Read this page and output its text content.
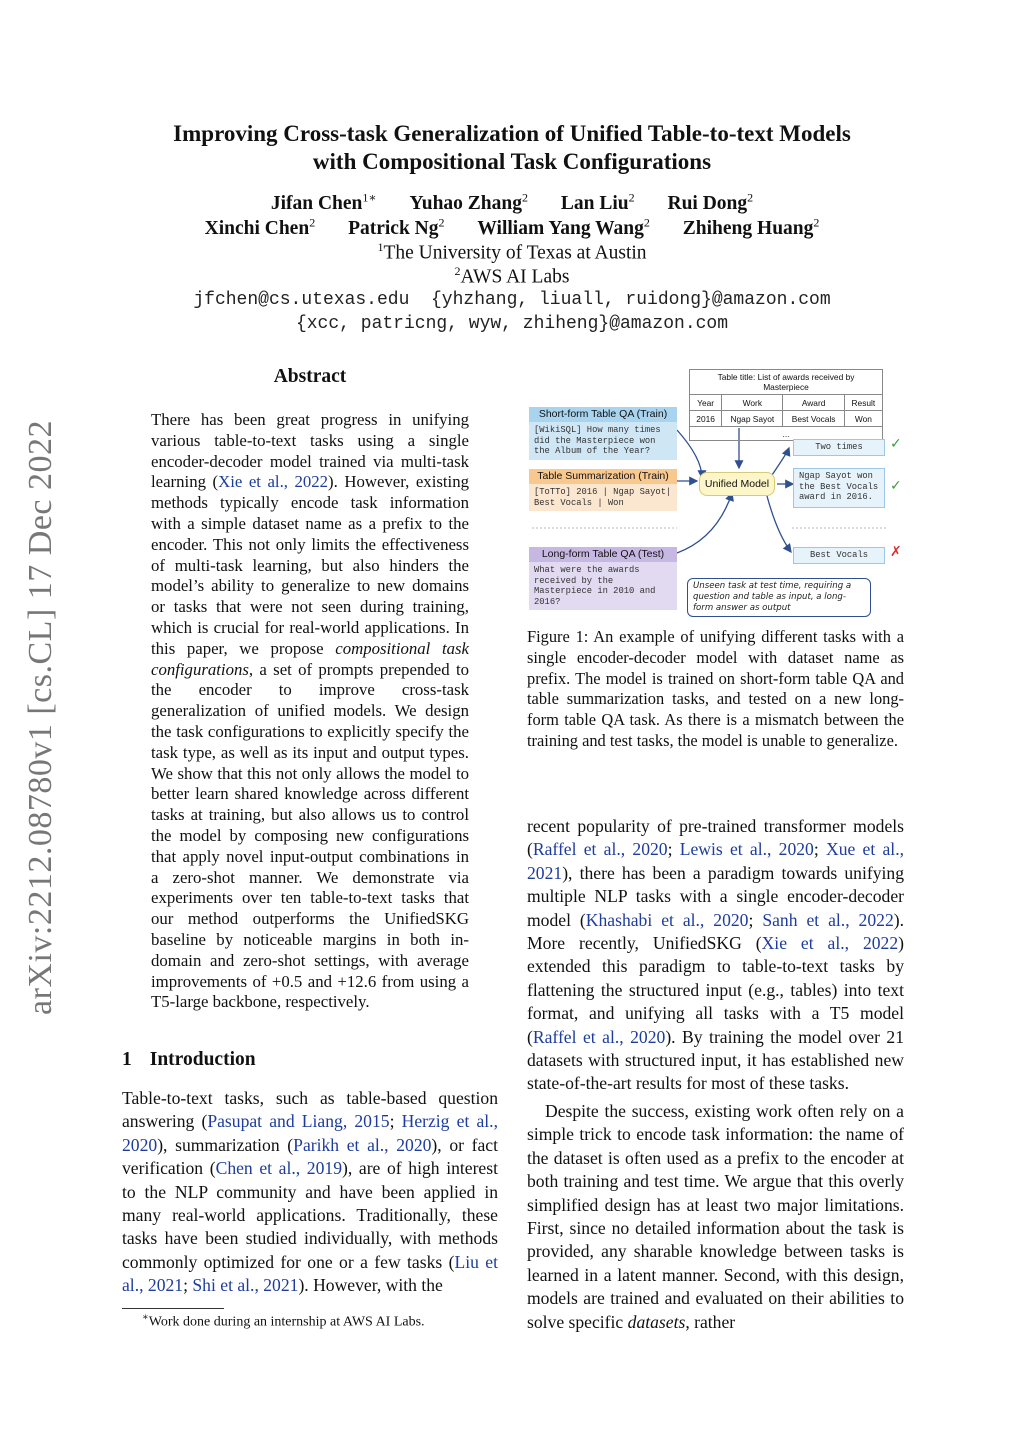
arXiv:2212.08780v1 [cs.CL] 17 Dec 2022
Improving Cross-task Generalization of Unified Table-to-text Models
with Compositional Task Configurations
Jifan Chen$^{1∗}$ Yuhao Zhang$^2$ Lan Liu$^2$ Rui Dong$^2$
Xinchi Chen$^2$ Patrick Ng$^2$ William Yang Wang$^2$ Zhiheng Huang$^2$
$^1$The University of Texas at Austin
$^2$AWS AI Labs
jfchen@cs.utexas.edu  {yhzhang, liuall, ruidong}@amazon.com
{xcc, patricng, wyw, zhiheng}@amazon.com
Abstract
There has been great progress in unifying various table-to-text tasks using a single encoder-decoder model trained via multi-task learning (Xie et al., 2022). However, existing methods typically encode task information with a simple dataset name as a prefix to the encoder. This not only limits the effectiveness of multi-task learning, but also hinders the model’s ability to generalize to new domains or tasks that were not seen during training, which is crucial for real-world applications. In this paper, we propose compositional task configurations, a set of prompts prepended to the encoder to improve cross-task generalization of unified models. We design the task configurations to explicitly specify the task type, as well as its input and output types. We show that this not only allows the model to better learn shared knowledge across different tasks at training, but also allows us to control the model by composing new configurations that apply novel input-output combinations in a zero-shot manner. We demonstrate via experiments over ten table-to-text tasks that our method outperforms the UnifiedSKG baseline by noticeable margins in both in-domain and zero-shot settings, with average improvements of +0.5 and +12.6 from using a T5-large backbone, respectively.
1 Introduction
Table-to-text tasks, such as table-based question answering (Pasupat and Liang, 2015; Herzig et al., 2020), summarization (Parikh et al., 2020), or fact verification (Chen et al., 2019), are of high interest to the NLP community and have been applied in many real-world applications. Traditionally, these tasks have been studied individually, with methods commonly optimized for one or a few tasks (Liu et al., 2021; Shi et al., 2021). However, with the
∗Work done during an internship at AWS AI Labs.
Table title: List of awards received by Masterpiece			
Year	Work	Award	Result
2016	Ngap Sayot	Best Vocals	Won
...			
Short-form Table QA (Train)
[WikiSQL] How many times did the Masterpiece won the Album of the Year?
Table Summarization (Train)
[ToTTo] 2016 | Ngap Sayot| Best Vocals | Won
Long-form Table QA (Test)
What were the awards received by the Masterpiece in 2010 and 2016?
Unified Model
Two times	✓
Ngap Sayot won the Best Vocals award in 2016.
✓
Best Vocals	✗
Unseen task at test time, requiring a question and table as input, a long-form answer as output
Figure 1: An example of unifying different tasks with a single encoder-decoder model with dataset name as prefix. The model is trained on short-form table QA and table summarization tasks, and tested on a new long-form table QA task. As there is a mismatch between the training and test tasks, the model is unable to generalize.

recent popularity of pre-trained transformer models (Raffel et al., 2020; Lewis et al., 2020; Xue et al., 2021), there has been a paradigm towards unifying multiple NLP tasks with a single encoder-decoder model (Khashabi et al., 2020; Sanh et al., 2022). More recently, UnifiedSKG (Xie et al., 2022) extended this paradigm to table-to-text tasks by flattening the structured input (e.g., tables) into text format, and unifying all tasks with a T5 model (Raffel et al., 2020). By training the model over 21 datasets with structured input, it has established new state-of-the-art results for most of these tasks.

Despite the success, existing work often rely on a simple trick to encode task information: the name of the dataset is often used as a prefix to the encoder at both training and test time. We argue that this overly simplified design has at least two major limitations. First, since no detailed information about the task is provided, any sharable knowledge between tasks is learned in a latent manner. Second, with this design, models are trained and evaluated on their abilities to solve specific datasets, rather
